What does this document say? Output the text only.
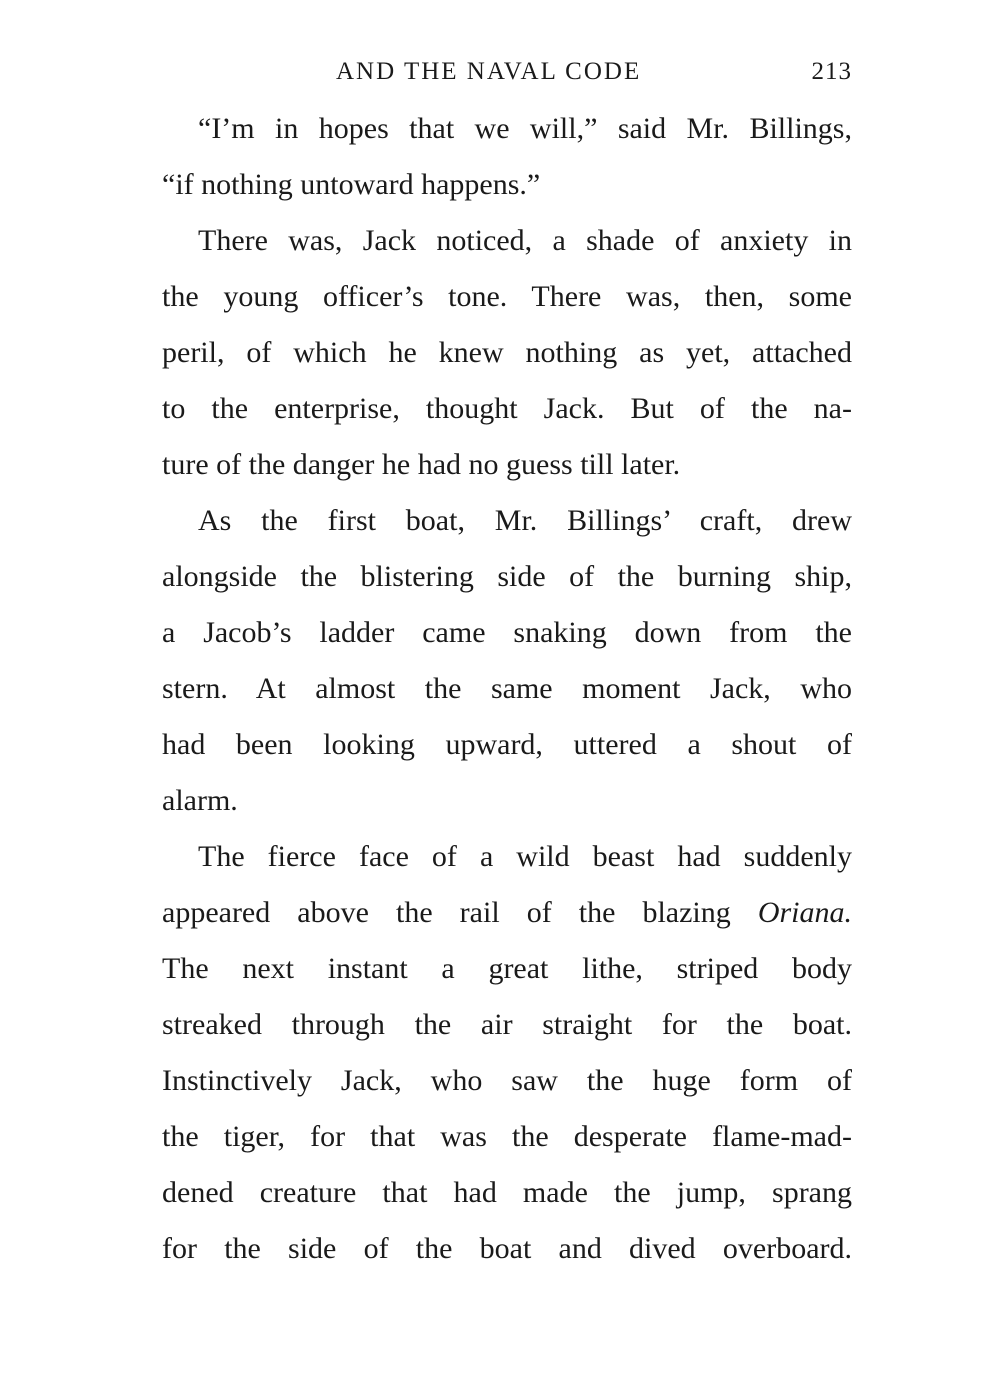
AND THE NAVAL CODE	213
“I’m in hopes that we will,” said Mr. Billings,
“if nothing untoward happens.”
There was, Jack noticed, a shade of anxiety in
the young officer’s tone. There was, then, some
peril, of which he knew nothing as yet, attached
to the enterprise, thought Jack. But of the na-
ture of the danger he had no guess till later.
As the first boat, Mr. Billings’ craft, drew
alongside the blistering side of the burning ship,
a Jacob’s ladder came snaking down from the
stern. At almost the same moment Jack, who
had been looking upward, uttered a shout of
alarm.
The fierce face of a wild beast had suddenly
appeared above the rail of the blazing Oriana.
The next instant a great lithe, striped body
streaked through the air straight for the boat.
Instinctively Jack, who saw the huge form of
the tiger, for that was the desperate flame-mad-
dened creature that had made the jump, sprang
for the side of the boat and dived overboard.
